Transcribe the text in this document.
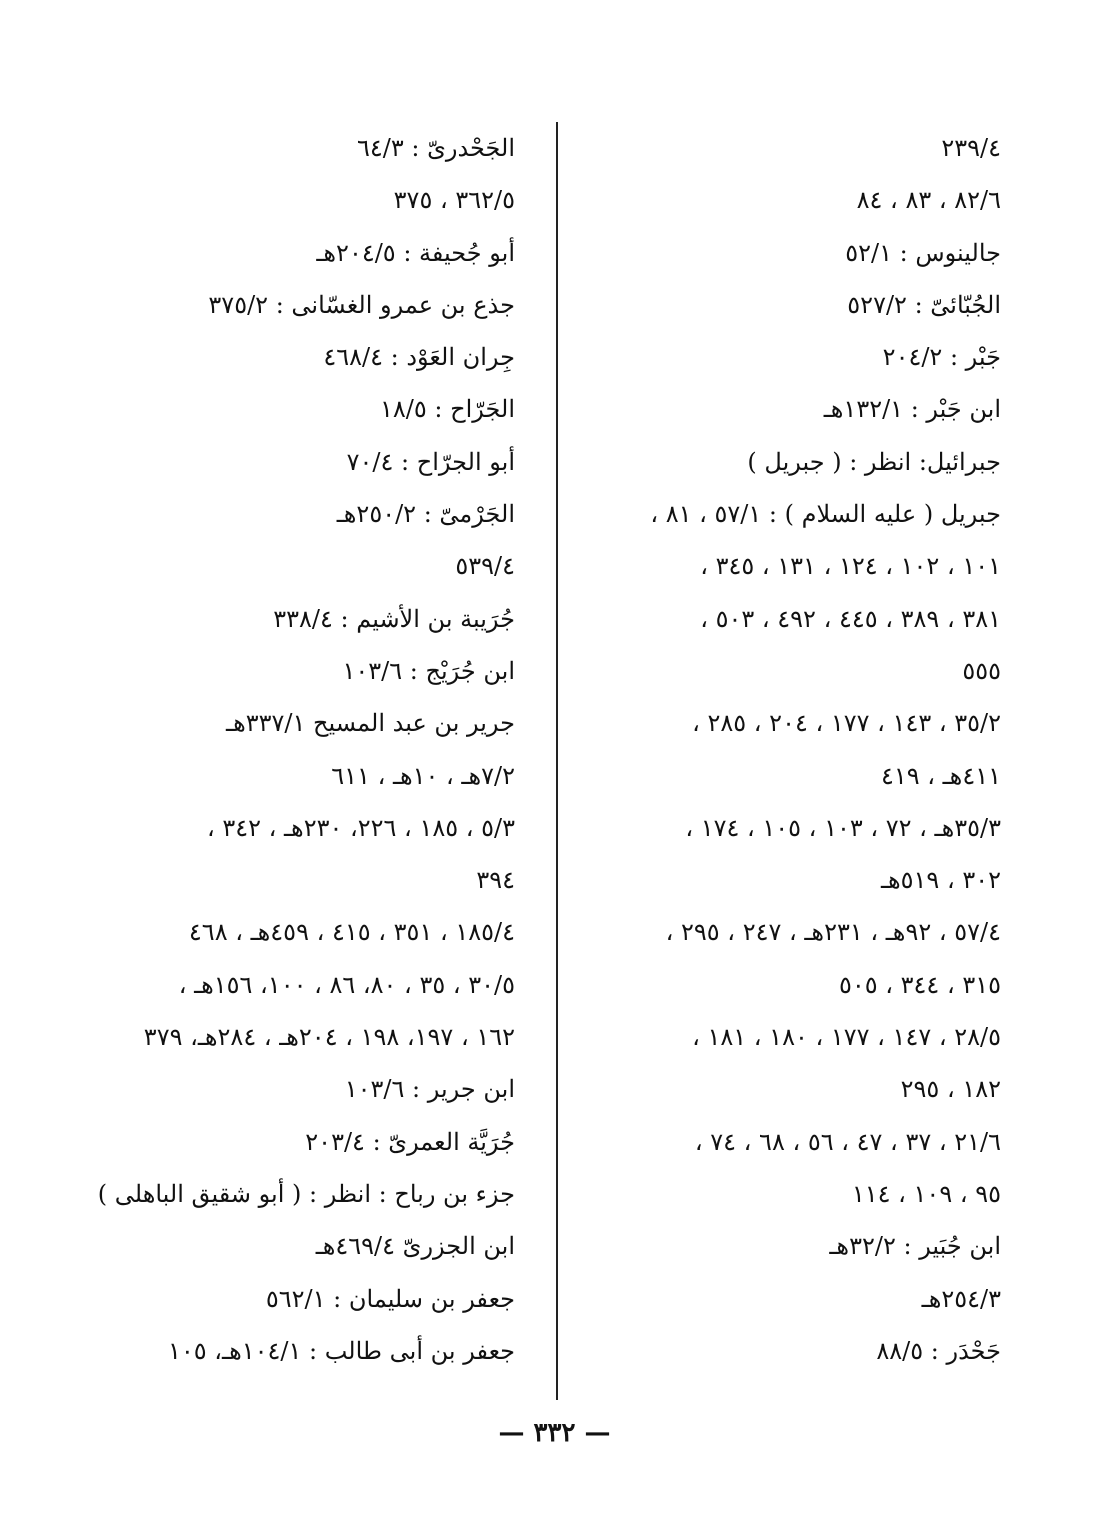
٢٣٩/٤
٨٢/٦ ، ٨٣ ، ٨٤
جالينوس : ٥٢/١
الجُبّائىّ : ٥٢٧/٢
جَبْر : ٢٠٤/٢
ابن جَبْر : ١٣٢/١هـ
جبرائيل: انظر : ( جبريل )
جبريل ( عليه السلام ) : ٥٧/١ ، ٨١ ،
١٠١ ، ١٠٢ ، ١٢٤ ، ١٣١ ، ٣٤٥ ،
٣٨١ ، ٣٨٩ ، ٤٤٥ ، ٤٩٢ ، ٥٠٣ ،
٥٥٥
٣٥/٢ ، ١٤٣ ، ١٧٧ ، ٢٠٤ ، ٢٨٥ ،
٤١١هـ ، ٤١٩
٣٥/٣هـ ، ٧٢ ، ١٠٣ ، ١٠٥ ، ١٧٤ ،
٣٠٢ ، ٥١٩هـ
٥٧/٤ ، ٩٢هـ ، ٢٣١هـ ، ٢٤٧ ، ٢٩٥ ،
٣١٥ ، ٣٤٤ ، ٥٠٥
٢٨/٥ ، ١٤٧ ، ١٧٧ ، ١٨٠ ، ١٨١ ،
١٨٢ ، ٢٩٥
٢١/٦ ، ٣٧ ، ٤٧ ، ٥٦ ، ٦٨ ، ٧٤ ،
٩٥ ، ١٠٩ ، ١١٤
ابن جُبَير : ٣٢/٢هـ
٢٥٤/٣هـ
جَحْدَر : ٨٨/٥
الجَحْدرىّ : ٦٤/٣
٣٦٢/٥ ، ٣٧٥
أبو جُحيفة : ٢٠٤/٥هـ
جذع بن عمرو الغسّانى : ٣٧٥/٢
جِران العَوْد : ٤٦٨/٤
الجَرّاح : ١٨/٥
أبو الجرّاح : ٧٠/٤
الجَرْمىّ : ٢٥٠/٢هـ
٥٣٩/٤
جُرَيبة بن الأشيم : ٣٣٨/٤
ابن جُرَيْج : ١٠٣/٦
جرير بن عبد المسيح ٣٣٧/١هـ
٧/٢هـ ، ١٠هـ ، ٦١١
٥/٣ ، ١٨٥ ، ٢٢٦، ٢٣٠هـ ، ٣٤٢ ،
٣٩٤
١٨٥/٤ ، ٣٥١ ، ٤١٥ ، ٤٥٩هـ ، ٤٦٨
٣٠/٥ ، ٣٥ ، ٨٠، ٨٦ ، ١٠٠، ١٥٦هـ ،
١٦٢ ، ١٩٧، ١٩٨ ، ٢٠٤هـ ، ٢٨٤هـ، ٣٧٩
ابن جرير : ١٠٣/٦
جُرَيَّة العمرىّ : ٢٠٣/٤
جزء بن رباح : انظر : ( أبو شقيق الباهلى )
ابن الجزرىّ ٤٦٩/٤هـ
جعفر بن سليمان : ٥٦٢/١
جعفر بن أبى طالب : ١٠٤/١هـ، ١٠٥
— ٣٣٢ —
